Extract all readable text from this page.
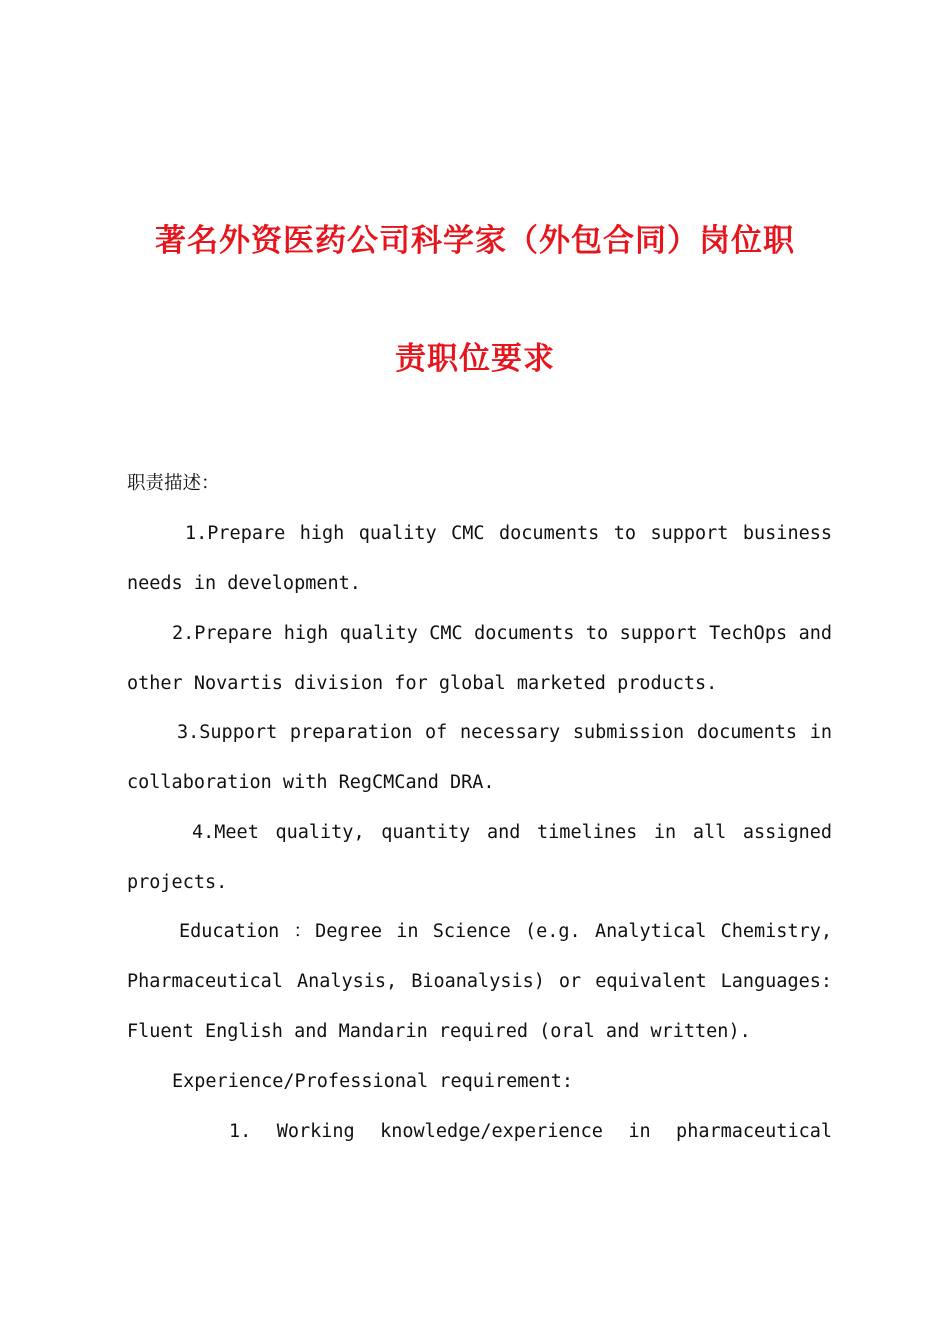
著名外资医药公司科学家（外包合同）岗位职
责职位要求
职责描述：
1.Prepare high quality CMC documents to support business
needs in development.
2.Prepare high quality CMC documents to support TechOps and
other Novartis division for global marketed products.
3.Support preparation of necessary submission documents in
collaboration with RegCMCand DRA.
4.Meet quality, quantity and timelines in all assigned
projects.
Education ：Degree in Science (e.g. Analytical Chemistry,
Pharmaceutical Analysis, Bioanalysis) or equivalent Languages:
Fluent English and Mandarin required (oral and written).
Experience/Professional requirement:
1. Working knowledge/experience in pharmaceutical
